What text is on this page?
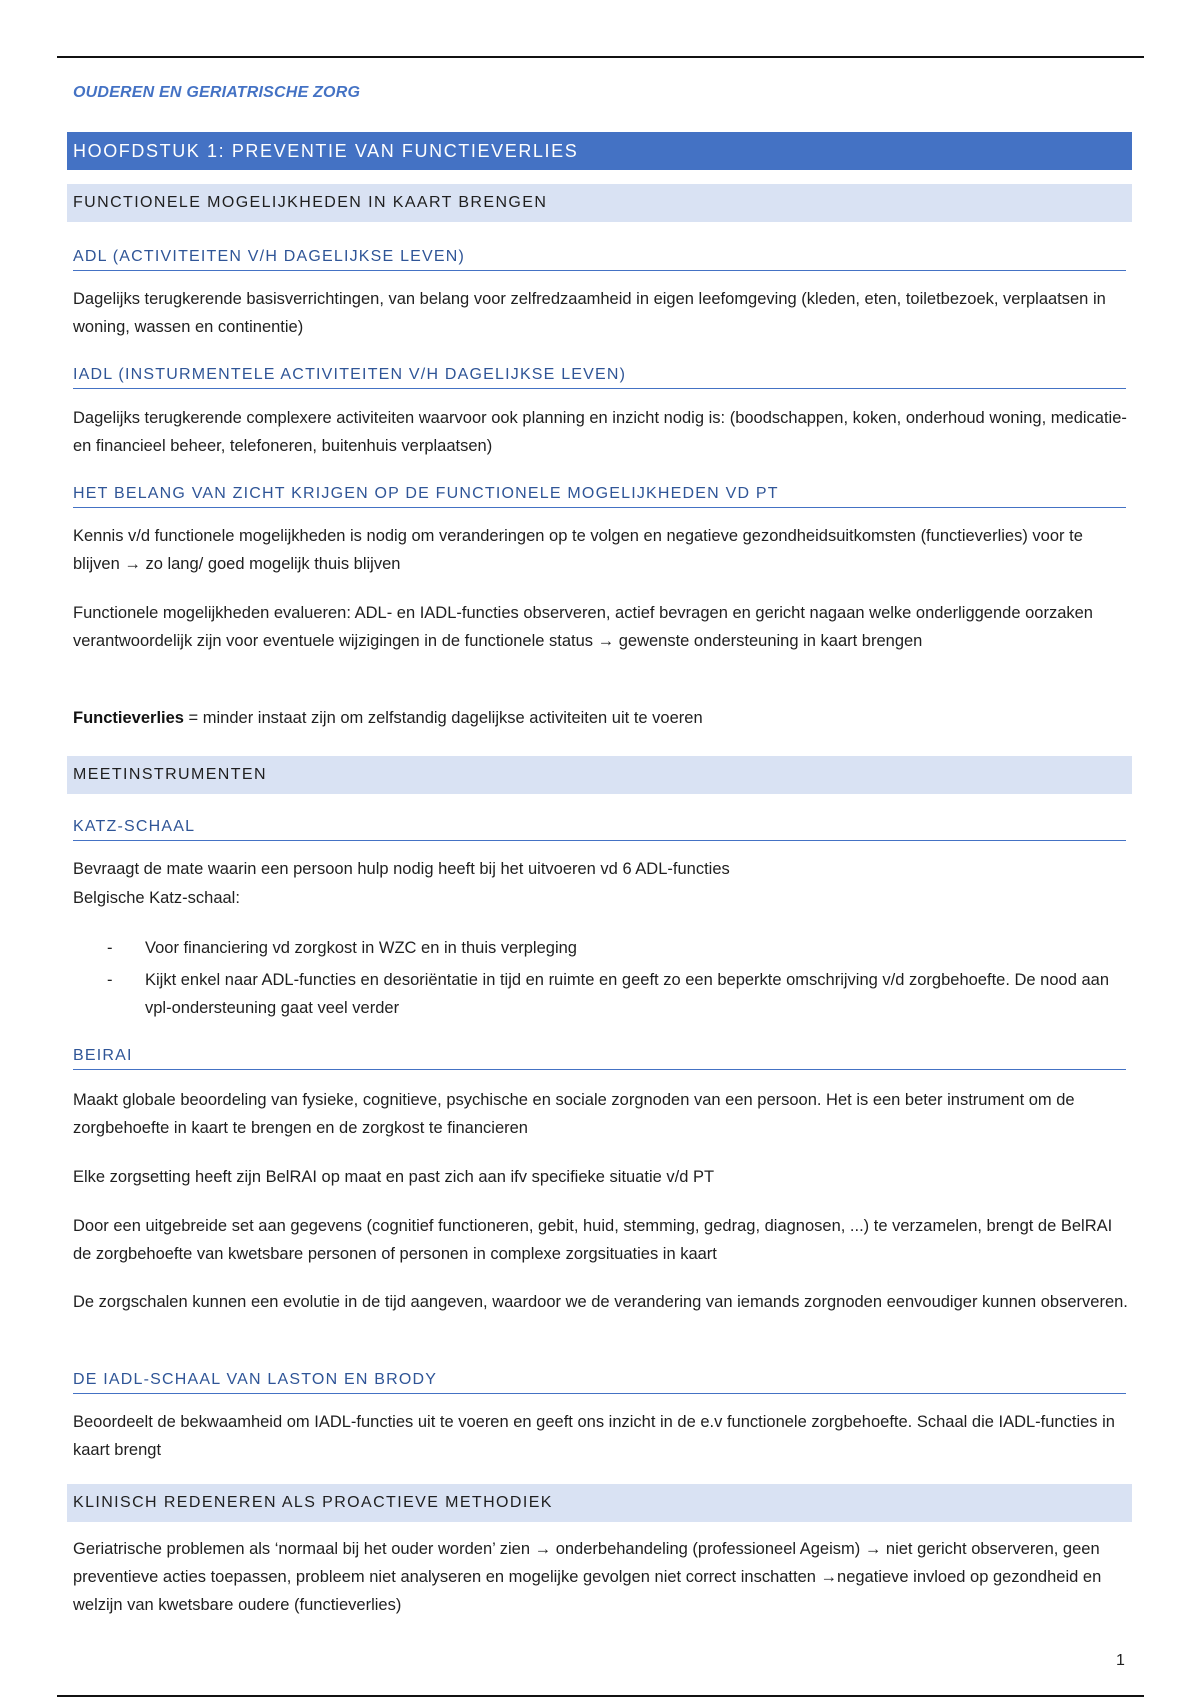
OUDEREN EN GERIATRISCHE ZORG

HOOFDSTUK 1: PREVENTIE VAN FUNCTIEVERLIES
FUNCTIONELE MOGELIJKHEDEN IN KAART BRENGEN
ADL (ACTIVITEITEN V/H DAGELIJKSE LEVEN)

Dagelijks terugkerende basisverrichtingen, van belang voor zelfredzaamheid in eigen leefomgeving (kleden, eten, toiletbezoek, verplaatsen in woning, wassen en continentie)

IADL (INSTURMENTELE ACTIVITEITEN V/H DAGELIJKSE LEVEN)

Dagelijks terugkerende complexere activiteiten waarvoor ook planning en inzicht nodig is: (boodschappen, koken, onderhoud woning, medicatie- en financieel beheer, telefoneren, buitenhuis verplaatsen)

HET BELANG VAN ZICHT KRIJGEN OP DE FUNCTIONELE MOGELIJKHEDEN VD PT

Kennis v/d functionele mogelijkheden is nodig om veranderingen op te volgen en negatieve gezondheidsuitkomsten (functieverlies) voor te blijven → zo lang/ goed mogelijk thuis blijven

Functionele mogelijkheden evalueren: ADL- en IADL-functies observeren, actief bevragen en gericht nagaan welke onderliggende oorzaken verantwoordelijk zijn voor eventuele wijzigingen in de functionele status → gewenste ondersteuning in kaart brengen

Functieverlies = minder instaat zijn om zelfstandig dagelijkse activiteiten uit te voeren

MEETINSTRUMENTEN
KATZ-SCHAAL

Bevraagt de mate waarin een persoon hulp nodig heeft bij het uitvoeren vd 6 ADL-functies

Belgische Katz-schaal:

- Voor financiering vd zorgkost in WZC en in thuis verpleging
- Kijkt enkel naar ADL-functies en desoriëntatie in tijd en ruimte en geeft zo een beperkte omschrijving v/d zorgbehoefte. De nood aan vpl-ondersteuning gaat veel verder
BEIRAI

Maakt globale beoordeling van fysieke, cognitieve, psychische en sociale zorgnoden van een persoon. Het is een beter instrument om de zorgbehoefte in kaart te brengen en de zorgkost te financieren

Elke zorgsetting heeft zijn BelRAI op maat en past zich aan ifv specifieke situatie v/d PT

Door een uitgebreide set aan gegevens (cognitief functioneren, gebit, huid, stemming, gedrag, diagnosen, ...) te verzamelen, brengt de BelRAI de zorgbehoefte van kwetsbare personen of personen in complexe zorgsituaties in kaart

De zorgschalen kunnen een evolutie in de tijd aangeven, waardoor we de verandering van iemands zorgnoden eenvoudiger kunnen observeren.

DE IADL-SCHAAL VAN LASTON EN BRODY

Beoordeelt de bekwaamheid om IADL-functies uit te voeren en geeft ons inzicht in de e.v functionele zorgbehoefte. Schaal die IADL-functies in kaart brengt

KLINISCH REDENEREN ALS PROACTIEVE METHODIEK

Geriatrische problemen als ‘normaal bij het ouder worden’ zien → onderbehandeling (professioneel Ageism) → niet gericht observeren, geen preventieve acties toepassen, probleem niet analyseren en mogelijke gevolgen niet correct inschatten →negatieve invloed op gezondheid en welzijn van kwetsbare oudere (functieverlies)

1
